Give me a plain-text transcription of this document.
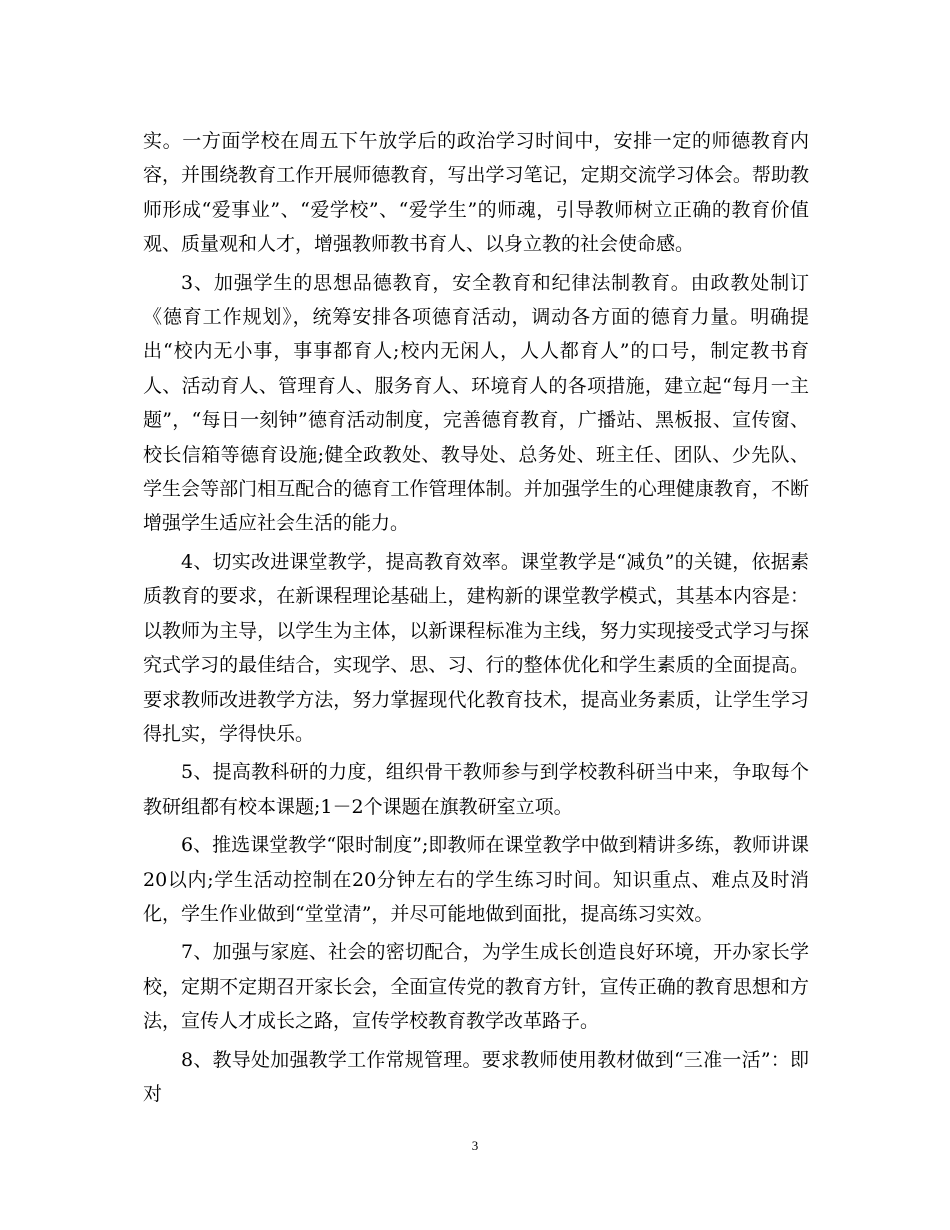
实。一方面学校在周五下午放学后的政治学习时间中，安排一定的师德教育内容，并围绕教育工作开展师德教育，写出学习笔记，定期交流学习体会。帮助教师形成“爱事业”、“爱学校”、“爱学生”的师魂，引导教师树立正确的教育价值观、质量观和人才，增强教师教书育人、以身立教的社会使命感。

3、加强学生的思想品德教育，安全教育和纪律法制教育。由政教处制订《德育工作规划》，统筹安排各项德育活动，调动各方面的德育力量。明确提出“校内无小事，事事都育人;校内无闲人，人人都育人”的口号，制定教书育人、活动育人、管理育人、服务育人、环境育人的各项措施，建立起“每月一主题”，“每日一刻钟”德育活动制度，完善德育教育，广播站、黑板报、宣传窗、校长信箱等德育设施;健全政教处、教导处、总务处、班主任、团队、少先队、学生会等部门相互配合的德育工作管理体制。并加强学生的心理健康教育，不断增强学生适应社会生活的能力。

4、切实改进课堂教学，提高教育效率。课堂教学是“减负”的关键，依据素质教育的要求，在新课程理论基础上，建构新的课堂教学模式，其基本内容是：以教师为主导，以学生为主体，以新课程标准为主线，努力实现接受式学习与探究式学习的最佳结合，实现学、思、习、行的整体优化和学生素质的全面提高。要求教师改进教学方法，努力掌握现代化教育技术，提高业务素质，让学生学习得扎实，学得快乐。

5、提高教科研的力度，组织骨干教师参与到学校教科研当中来，争取每个教研组都有校本课题;1－2个课题在旗教研室立项。

6、推选课堂教学“限时制度”;即教师在课堂教学中做到精讲多练，教师讲课20以内;学生活动控制在20分钟左右的学生练习时间。知识重点、难点及时消化，学生作业做到“堂堂清”，并尽可能地做到面批，提高练习实效。

7、加强与家庭、社会的密切配合，为学生成长创造良好环境，开办家长学校，定期不定期召开家长会，全面宣传党的教育方针，宣传正确的教育思想和方法，宣传人才成长之路，宣传学校教育教学改革路子。

8、教导处加强教学工作常规管理。要求教师使用教材做到“三准一活”：即对

3
